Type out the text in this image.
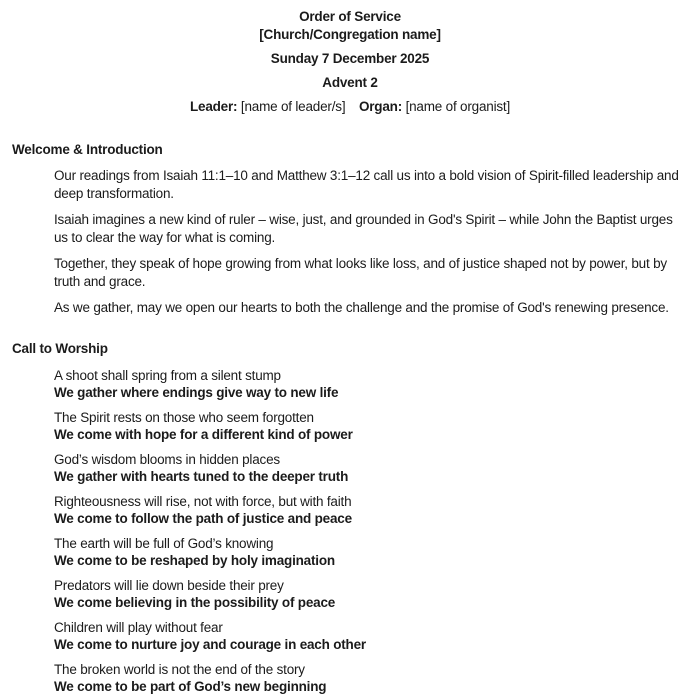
Order of Service
[Church/Congregation name]
Sunday 7 December 2025
Advent 2
Leader: [name of leader/s] Organ: [name of organist]
Welcome & Introduction
Our readings from Isaiah 11:1–10 and Matthew 3:1–12 call us into a bold vision of Spirit-filled leadership and deep transformation.
Isaiah imagines a new kind of ruler – wise, just, and grounded in God's Spirit – while John the Baptist urges us to clear the way for what is coming.
Together, they speak of hope growing from what looks like loss, and of justice shaped not by power, but by truth and grace.
As we gather, may we open our hearts to both the challenge and the promise of God's renewing presence.
Call to Worship
A shoot shall spring from a silent stump
We gather where endings give way to new life
The Spirit rests on those who seem forgotten
We come with hope for a different kind of power
God’s wisdom blooms in hidden places
We gather with hearts tuned to the deeper truth
Righteousness will rise, not with force, but with faith
We come to follow the path of justice and peace
The earth will be full of God’s knowing
We come to be reshaped by holy imagination
Predators will lie down beside their prey
We come believing in the possibility of peace
Children will play without fear
We come to nurture joy and courage in each other
The broken world is not the end of the story
We come to be part of God’s new beginning
